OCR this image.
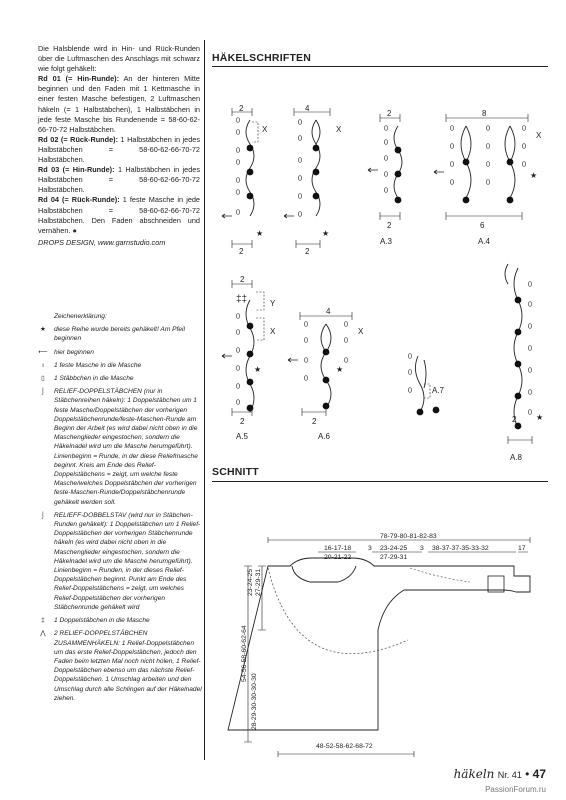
Die Halsblende wird in Hin- und Rück-Runden über die Luftmaschen des Anschlags mit schwarz wie folgt gehäkelt:

Rd 01 (= Hin-Runde): An der hinteren Mitte beginnen und den Faden mit 1 Kettmasche in einer festen Masche befestigen, 2 Luftmaschen häkeln (= 1 Halbstäbchen), 1 Halbstäbchen in jede feste Masche bis Rundenende = 58-60-62-66-70-72 Halbstäbchen.

Rd 02 (= Rück-Runde): 1 Halbstäbchen in jedes Halbstäbchen = 58-60-62-66-70-72 Halbstäbchen.

Rd 03 (= Hin-Runde): 1 Halbstäbchen in jedes Halbstäbchen = 58-60-62-66-70-72 Halbstäbchen.

Rd 04 (= Rück-Runde): 1 feste Masche in jede Halbstäbchen = 58-60-62-66-70-72 Halbstäbchen. Den Faden abschneiden und vernähen. ●

DROPS DESIGN, www.garnstudio.com

Zeichenerklärung:
★	diese Reihe wurde bereits gehäkelt! Am Pfeil beginnen
⟵ hier beginnen
ı	1 feste Masche in die Masche
▯	1 Stäbbchen in die Masche
⌡	RELIEF-DOPPELSTÄBCHEN (nur in Stäbchenreihen häkeln): 1 Doppelstäbchen um 1 feste Masche/Doppelstäbchen der vorherigen Doppelstäbchenrunde/feste-Maschen-Runde am Beginn der Arbeit (es wird dabei nicht oben in die Maschenglieder eingestochen, sondern die Häkelnadel wird um die Masche herumgeführt). Linienbeginn = Runde, in der diese Reliefmasche beginnt. Kreis am Ende des Relief-Doppelstäbchens = zeigt, um welche feste Masche/welches Doppelstäbchen der vorherigen feste-Maschen-Runde/Doppelstäbchenrunde gehäkelt werden soll.
⌡	RELIEFF-DOBBELSTAV (wird nur in Stäbchen-Runden gehäkelt): 1 Doppelstäbchen um 1 Relief-Doppelstäbchen der vorherigen Stäbchenrunde häkeln (es wird dabei nicht oben in die Maschenglieder eingestochen, sondern die Häkelnadel wird um die Masche herumgeführt). Linienbeginn = Runden, in der dieses Relief-Doppelstäbchen beginnt. Punkt am Ende des Relief-Doppelstäbchens = zeigt, um welches Relief-Doppelstäbchen der vorherigen Stäbchenrunde gehäkelt wird
‡	1 Doppelstäbchen in die Masche
⋀	2 RELIEF-DOPPELSTÄBCHEN ZUSAMMENHÄKELN: 1 Relief-Doppelstäbchen um das erste Relief-Doppelstäbchen, jedoch den Faden beim letzten Mal noch nicht holen, 1 Relief-Doppelstäbchen ebenso um das nächste Relief-Doppelstäbchen. 1 Umschlag arbeiten und den Umschlag durch alle Schlingen auf der Häkelnadel ziehen.
HÄKELSCHRIFTEN
SCHNITT
2
X
★
2
4
X
★
2
2
2
A.3
8
X
★
6
A.4
2
Y
X
‡‡
★
2
A.5
4
X
★
2
A.6
A.7
★
2
A.8
78-79-80-81-82-83
16-17-18
20-21-22
3 23-24-25
27-29-31
3 38-37-37-35-33-32	17
54-56-58-60-62-64
28-29-30-30-30-30
23-24-25 27-29-31
48-52-58-62-68-72
häkeln Nr. 41 • 47
PassionForum.ru
